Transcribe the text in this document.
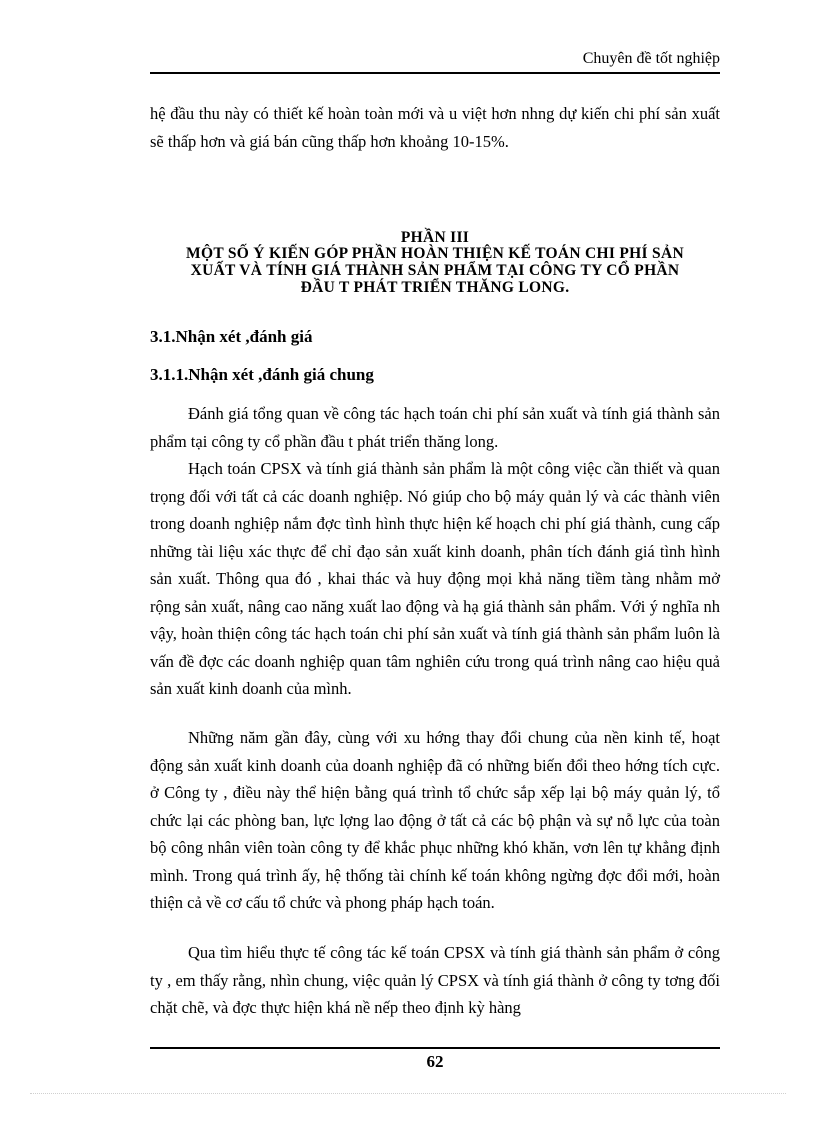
Chuyên đề tốt nghiệp

hệ đầu thu này có thiết kế hoàn toàn mới và u việt hơn nhng dự kiến chi phí sản xuất sẽ thấp hơn và giá bán cũng thấp hơn khoảng 10-15%.

PHẦN III

MỘT SỐ Ý KIẾN GÓP PHẦN HOÀN THIỆN KẾ TOÁN CHI PHÍ SẢN

XUẤT VÀ TÍNH GIÁ THÀNH SẢN PHẨM TẠI CÔNG TY CỔ PHẦN

ĐẦU T PHÁT TRIỂN THĂNG LONG.

3.1.Nhận xét ,đánh giá

3.1.1.Nhận xét ,đánh giá chung

Đánh giá tổng quan về công tác hạch toán chi phí sản xuất và tính giá thành sản phẩm tại công ty cổ phần đầu t phát triển thăng long.

Hạch toán CPSX và tính giá thành sản phẩm là một công việc cần thiết và quan trọng đối với tất cả các doanh nghiệp. Nó giúp cho bộ máy quản lý và các thành viên trong doanh nghiệp nắm đợc tình hình thực hiện kế hoạch chi phí giá thành, cung cấp những tài liệu xác thực để chỉ đạo sản xuất kinh doanh, phân tích đánh giá tình hình sản xuất. Thông qua đó , khai thác và huy động mọi khả năng tiềm tàng nhằm mở rộng sản xuất, nâng cao năng xuất lao động và hạ giá thành sản phẩm. Với ý nghĩa nh vậy, hoàn thiện công tác hạch toán chi phí sản xuất và tính giá thành sản phẩm luôn là vấn đề đợc các doanh nghiệp quan tâm nghiên cứu trong quá trình nâng cao hiệu quả sản xuất kinh doanh của mình.

Những năm gần đây, cùng với xu hớng thay đổi chung của nền kinh tế, hoạt động sản xuất kinh doanh của doanh nghiệp đã có những biến đổi theo hớng tích cực. ở Công ty , điều này thể hiện bằng quá trình tổ chức sắp xếp lại bộ máy quản lý, tổ chức lại các phòng ban, lực lợng lao động ở tất cả các bộ phận và sự nỗ lực của toàn bộ công nhân viên toàn công ty để khắc phục những khó khăn, vơn lên tự khẳng định mình. Trong quá trình ấy, hệ thống tài chính kế toán không ngừng đợc đổi mới, hoàn thiện cả về cơ cấu tổ chức và phong pháp hạch toán.

Qua tìm hiểu thực tế công tác kế toán CPSX và tính giá thành sản phẩm ở công ty , em thấy rằng, nhìn chung, việc quản lý CPSX và tính giá thành ở công ty tơng đối chặt chẽ, và đợc thực hiện khá nề nếp theo định kỳ hàng

62
